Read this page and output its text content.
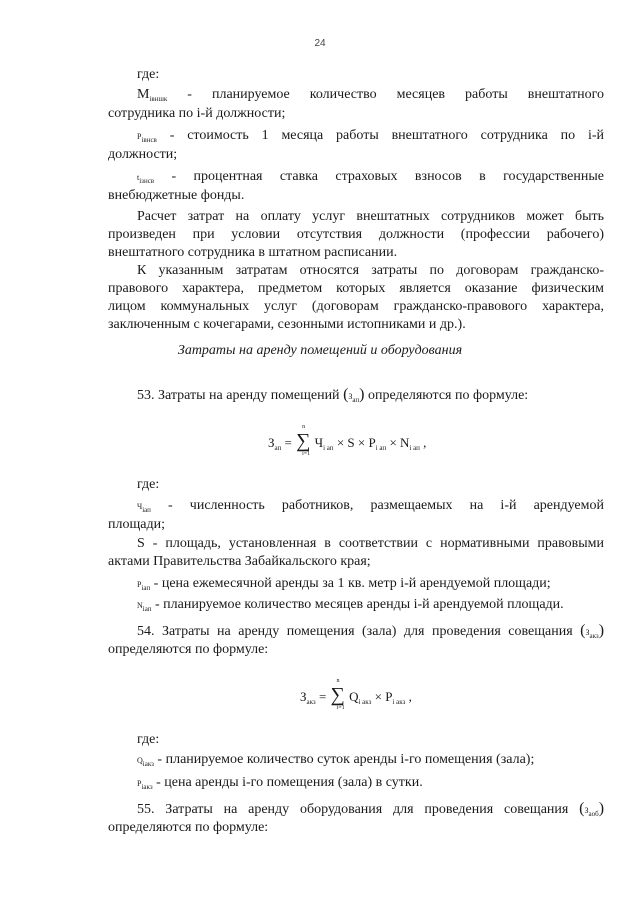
24
где:
$M_{iвншк}$ - планируемое количество месяцев работы внештатного
сотрудника по i-й должности;
$P_{iвнсв}$ - стоимость 1 месяца работы внештатного сотрудника по i-й
должности;
$t_{iзнсв}$ - процентная ставка страховых взносов в государственные
внебюджетные фонды.
Расчет затрат на оплату услуг внештатных сотрудников может быть
произведен при условии отсутствия должности (профессии рабочего)
внештатного сотрудника в штатном расписании.
К указанным затратам относятся затраты по договорам гражданско-
правового характера, предметом которых является оказание физическим
лицом коммунальных услуг (договорам гражданско-правового характера,
заключенным с кочегарами, сезонными истопниками и др.).
Затраты на аренду помещений и оборудования
53. Затраты на аренду помещений $(З_{ап})$ определяются по формуле:
$З_{ап}$ = ∑
n
i=1
$Ч_{i ап} \times S \times P_{i ап} \times N_{i ап}$ ,
где:
$Ч_{iап}$ - численность работников, размещаемых на i-й арендуемой
площади;
S - площадь, установленная в соответствии с нормативными правовыми
актами Правительства Забайкальского края;
$P_{iап}$ - цена ежемесячной аренды за 1 кв. метр i-й арендуемой площади;
$N_{iап}$ - планируемое количество месяцев аренды i-й арендуемой площади.
54. Затраты на аренду помещения (зала) для проведения совещания $(З_{акз})$
определяются по формуле:
$З_{акз}$ = ∑
n
i=1
$Q_{i акз} \times P_{i акз}$ ,
где:
$Q_{iакз}$ - планируемое количество суток аренды i-го помещения (зала);
$P_{iакз}$ - цена аренды i-го помещения (зала) в сутки.
55. Затраты на аренду оборудования для проведения совещания $(З_{аоб})$
определяются по формуле:
